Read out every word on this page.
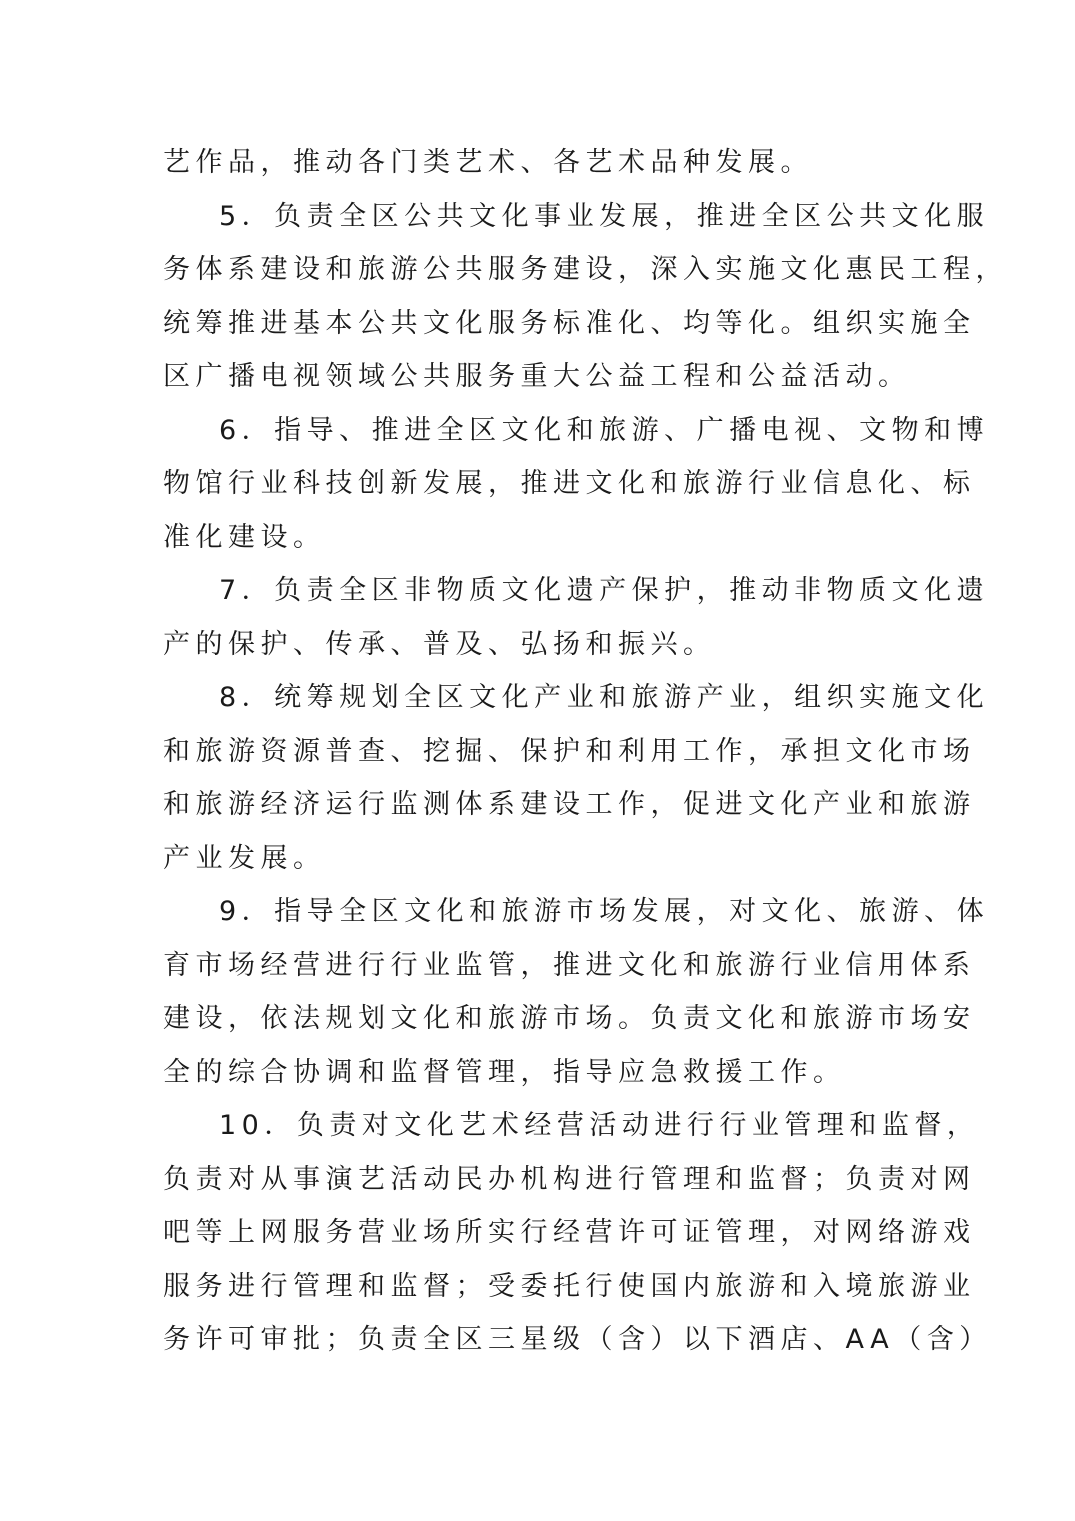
艺作品，推动各门类艺术、各艺术品种发展。
5．负责全区公共文化事业发展，推进全区公共文化服
务体系建设和旅游公共服务建设，深入实施文化惠民工程，
统筹推进基本公共文化服务标准化、均等化。组织实施全
区广播电视领域公共服务重大公益工程和公益活动。
6．指导、推进全区文化和旅游、广播电视、文物和博
物馆行业科技创新发展，推进文化和旅游行业信息化、标
准化建设。
7．负责全区非物质文化遗产保护，推动非物质文化遗
产的保护、传承、普及、弘扬和振兴。
8．统筹规划全区文化产业和旅游产业，组织实施文化
和旅游资源普查、挖掘、保护和利用工作，承担文化市场
和旅游经济运行监测体系建设工作，促进文化产业和旅游
产业发展。
9．指导全区文化和旅游市场发展，对文化、旅游、体
育市场经营进行行业监管，推进文化和旅游行业信用体系
建设，依法规划文化和旅游市场。负责文化和旅游市场安
全的综合协调和监督管理，指导应急救援工作。
10．负责对文化艺术经营活动进行行业管理和监督，
负责对从事演艺活动民办机构进行管理和监督；负责对网
吧等上网服务营业场所实行经营许可证管理，对网络游戏
服务进行管理和监督；受委托行使国内旅游和入境旅游业
务许可审批；负责全区三星级（含）以下酒店、AA（含）
